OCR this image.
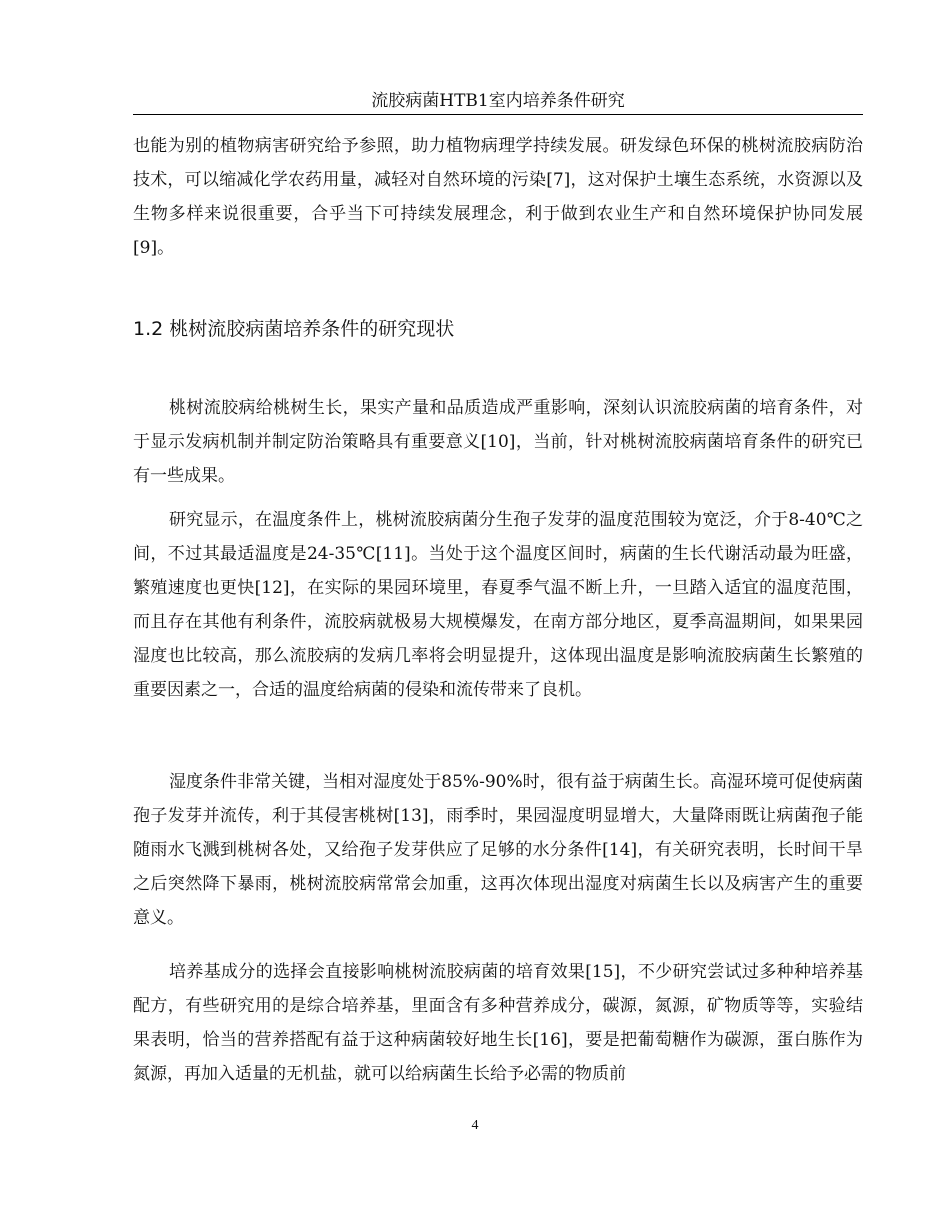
流胶病菌HTB1室内培养条件研究

也能为别的植物病害研究给予参照，助力植物病理学持续发展。研发绿色环保的桃树流胶病防治技术，可以缩减化学农药用量，减轻对自然环境的污染[7]，这对保护土壤生态系统，水资源以及生物多样来说很重要，合乎当下可持续发展理念，利于做到农业生产和自然环境保护协同发展[9]。

1.2 桃树流胶病菌培养条件的研究现状

桃树流胶病给桃树生长，果实产量和品质造成严重影响，深刻认识流胶病菌的培育条件，对于显示发病机制并制定防治策略具有重要意义[10]，当前，针对桃树流胶病菌培育条件的研究已有一些成果。

研究显示，在温度条件上，桃树流胶病菌分生孢子发芽的温度范围较为宽泛，介于8-40℃之间，不过其最适温度是24-35℃[11]。当处于这个温度区间时，病菌的生长代谢活动最为旺盛，繁殖速度也更快[12]，在实际的果园环境里，春夏季气温不断上升，一旦踏入适宜的温度范围，而且存在其他有利条件，流胶病就极易大规模爆发，在南方部分地区，夏季高温期间，如果果园湿度也比较高，那么流胶病的发病几率将会明显提升，这体现出温度是影响流胶病菌生长繁殖的重要因素之一，合适的温度给病菌的侵染和流传带来了良机。

湿度条件非常关键，当相对湿度处于85%-90%时，很有益于病菌生长。高湿环境可促使病菌孢子发芽并流传，利于其侵害桃树[13]，雨季时，果园湿度明显增大，大量降雨既让病菌孢子能随雨水飞溅到桃树各处，又给孢子发芽供应了足够的水分条件[14]，有关研究表明，长时间干旱之后突然降下暴雨，桃树流胶病常常会加重，这再次体现出湿度对病菌生长以及病害产生的重要意义。

培养基成分的选择会直接影响桃树流胶病菌的培育效果[15]，不少研究尝试过多种种培养基配方，有些研究用的是综合培养基，里面含有多种营养成分，碳源，氮源，矿物质等等，实验结果表明，恰当的营养搭配有益于这种病菌较好地生长[16]，要是把葡萄糖作为碳源，蛋白胨作为氮源，再加入适量的无机盐，就可以给病菌生长给予必需的物质前

4
